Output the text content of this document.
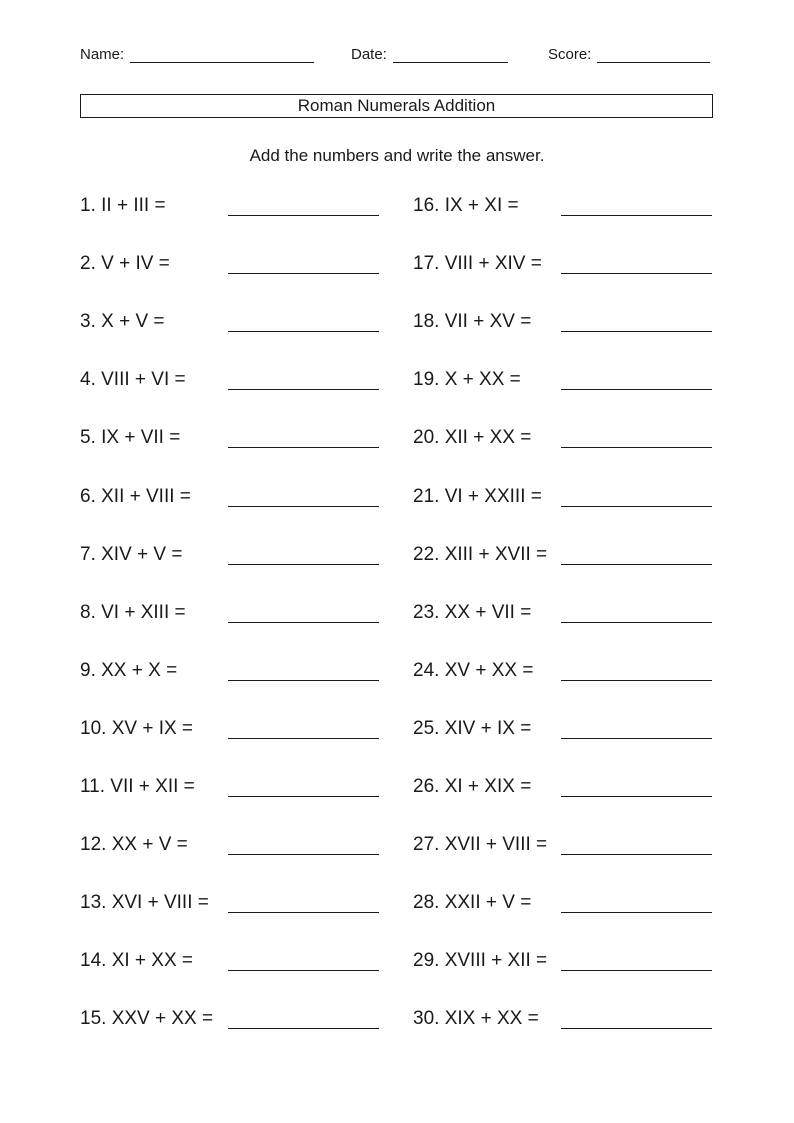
Name:	Date:	Score:
Roman Numerals Addition
Add the numbers and write the answer.
1. II + III =
2. V + IV =
3. X + V =
4. VIII + VI =
5. IX + VII =
6. XII + VIII =
7. XIV + V =
8. VI + XIII =
9. XX + X =
10. XV + IX =
11. VII + XII =
12. XX + V =
13. XVI + VIII =
14. XI + XX =
15. XXV + XX =
16. IX + XI =
17. VIII + XIV =
18. VII + XV =
19. X + XX =
20. XII + XX =
21. VI + XXIII =
22. XIII + XVII =
23. XX + VII =
24. XV + XX =
25. XIV + IX =
26. XI + XIX =
27. XVII + VIII =
28. XXII + V =
29. XVIII + XII =
30. XIX + XX =
